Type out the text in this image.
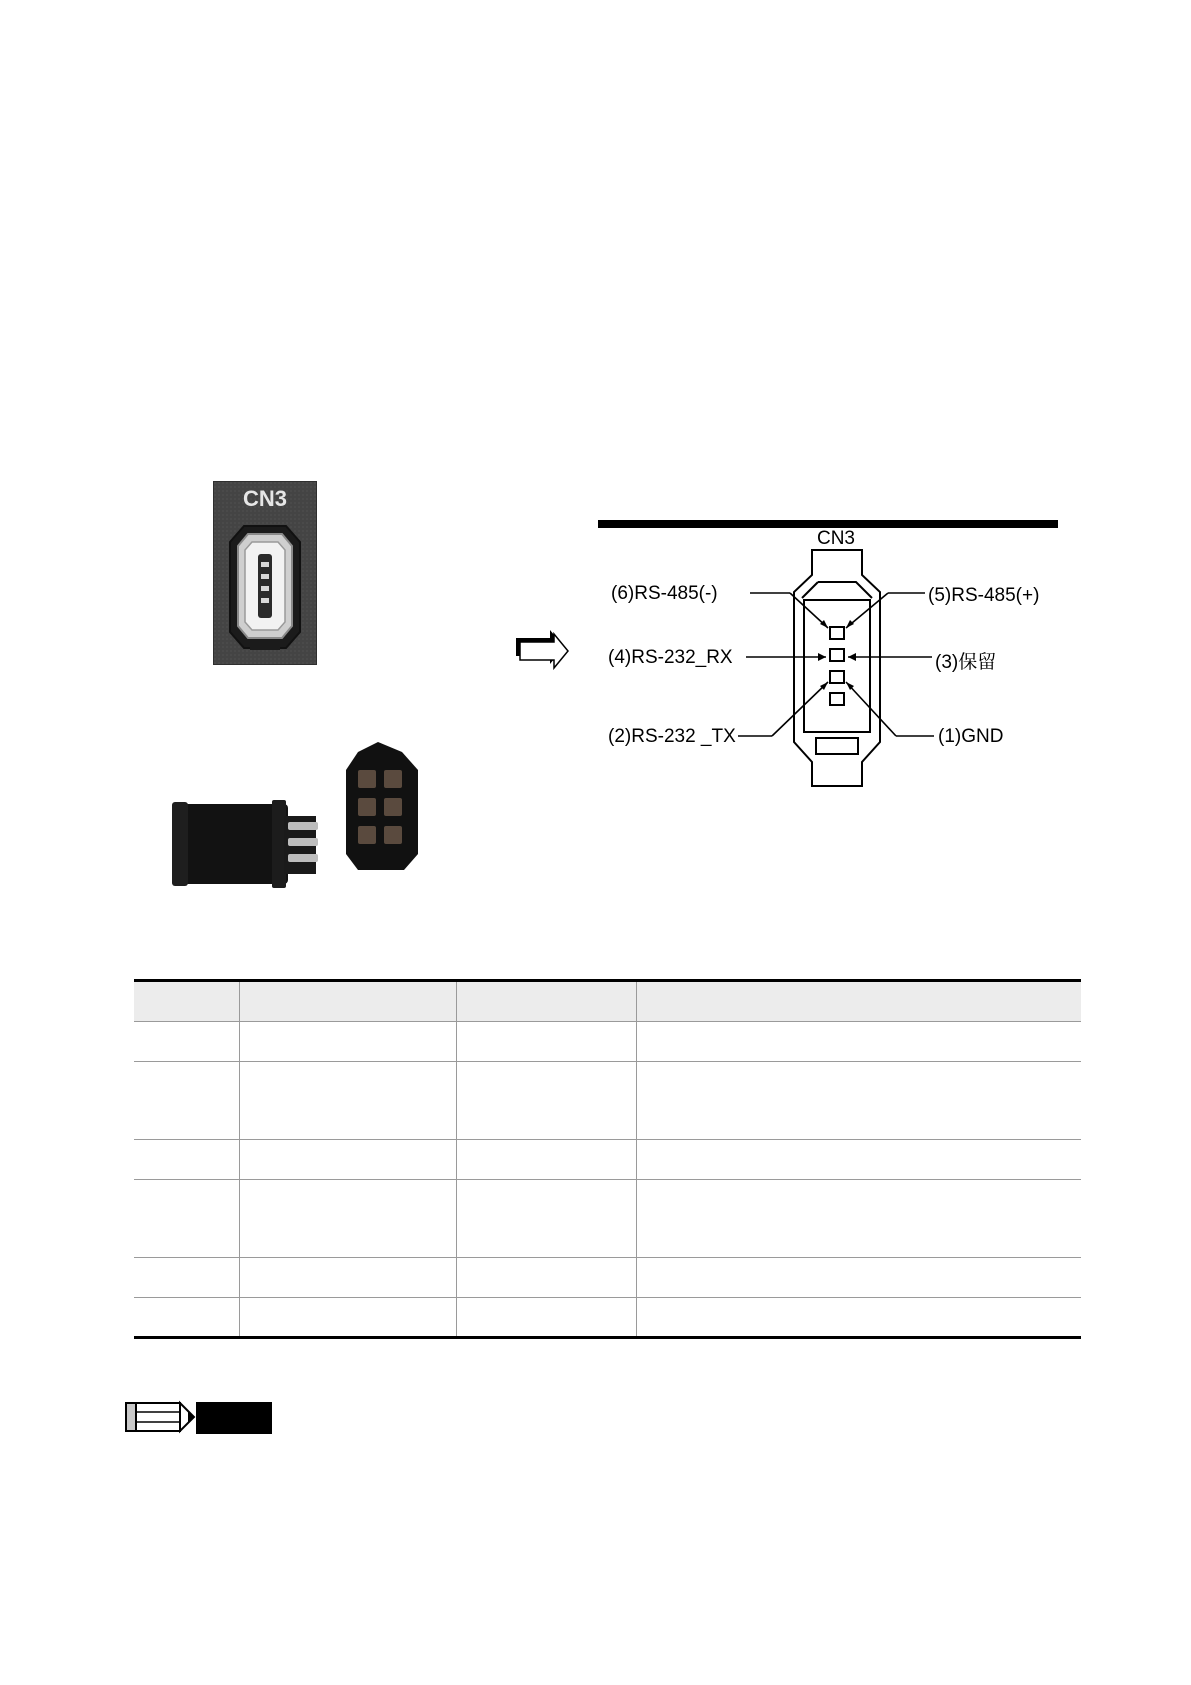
CN3
CN3
(6)RS-485(-)	(5)RS-485(+)
(4)RS-232_RX	(3)保留
(2)RS-232 _TX	(1)GND
